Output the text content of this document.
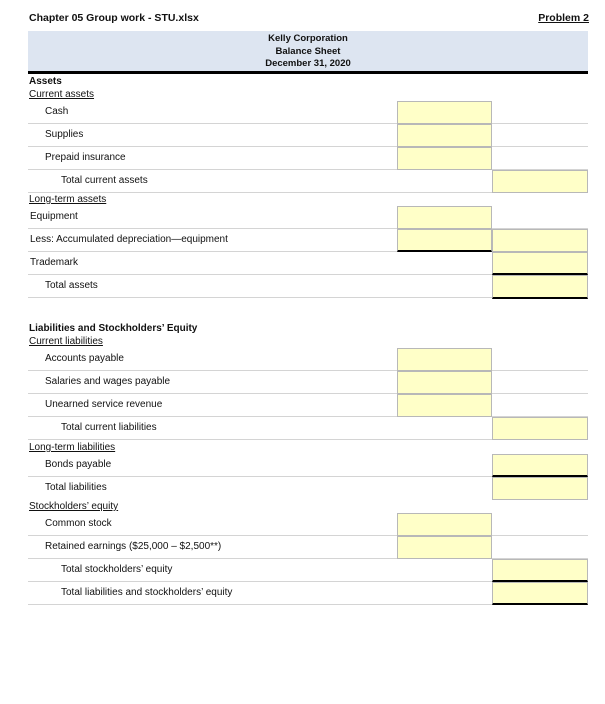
Chapter 05 Group work - STU.xlsx	Problem 2
Kelly Corporation
Balance Sheet
December 31, 2020
Assets
Current assets
Cash
Supplies
Prepaid insurance
Total current assets
Long-term assets
Equipment
Less: Accumulated depreciation—equipment
Trademark
Total assets
Liabilities and Stockholders’ Equity
Current liabilities
Accounts payable
Salaries and wages payable
Unearned service revenue
Total current liabilities
Long-term liabilities
Bonds payable
Total liabilities
Stockholders’ equity
Common stock
Retained earnings ($25,000 – $2,500**)
Total stockholders’ equity
Total liabilities and stockholders’ equity
